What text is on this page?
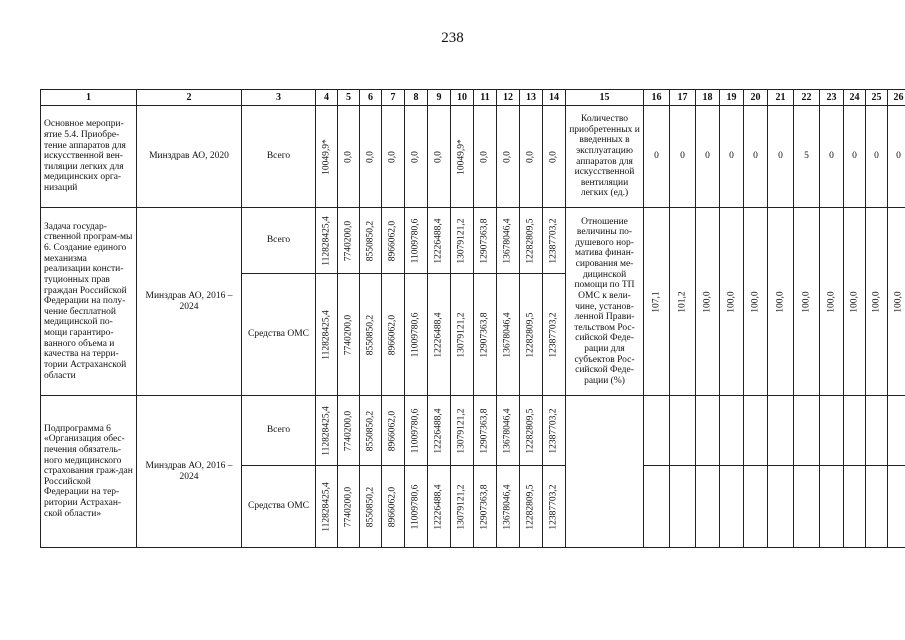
238
1	2	3	4	5	6	7	8	9	10	11	12	13	14	15	16	17	18	19	20	21	22	23	24	25	26
Основное меропри-ятие 5.4. Приобре-тение аппаратов для искусственной вен-тиляции легких для медицинских орга-низаций	Минздрав АО, 2020	Всего	10049,9*	0,0	0,0	0,0	0,0	0,0	10049,9*	0,0	0,0	0,0	0,0	Количество приобретенных и введенных в эксплуатацию аппаратов для искусственной вентиляции легких (ед.)	0	0	0	0	0	0	5	0	0	0	0
Задача государ-ственной програм-мы 6. Создание единого механизма реализации консти-туционных прав граждан Российской Федерации на полу-чение бесплатной медицинской по-мощи гарантиро-ванного объема и качества на терри-тории Астраханской области	Минздрав АО, 2016 – 2024	Всего	112828425,4	7740200,0	8550850,2	8966062,0	11009780,6	12226488,4	13079121,2	12907363,8	13678046,4	12282809,5	12387703,2	Отношение величины по-душевого нор-матива финан-сирования ме-дицинской помощи по ТП ОМС к вели-чине, установ-ленной Прави-тельством Рос-сийской Феде-рации для субъектов Рос-сийской Феде-рации (%)	107,1	101,2	100,0	100,0	100,0	100,0	100,0	100,0	100,0	100,0	100,0

		Средства ОМС	112828425,4	7740200,0	8550850,2	8966062,0	11009780,6	12226488,4	13079121,2	12907363,8	13678046,4	12282809,5	12387703,2												

Подпрограмма 6 «Организация обес-печения обязатель-ного медицинского страхования граж-дан Российской Федерации на тер-ритории Астрахан-ской области»	Минздрав АО, 2016 – 2024	Всего	112828425,4	7740200,0	8550850,2	8966062,0	11009780,6	12226488,4	13079121,2	12907363,8	13678046,4	12282809,5	12387703,2												

		Средства ОМС	112828425,4	7740200,0	8550850,2	8966062,0	11009780,6	12226488,4	13079121,2	12907363,8	13678046,4	12282809,5	12387703,2												
